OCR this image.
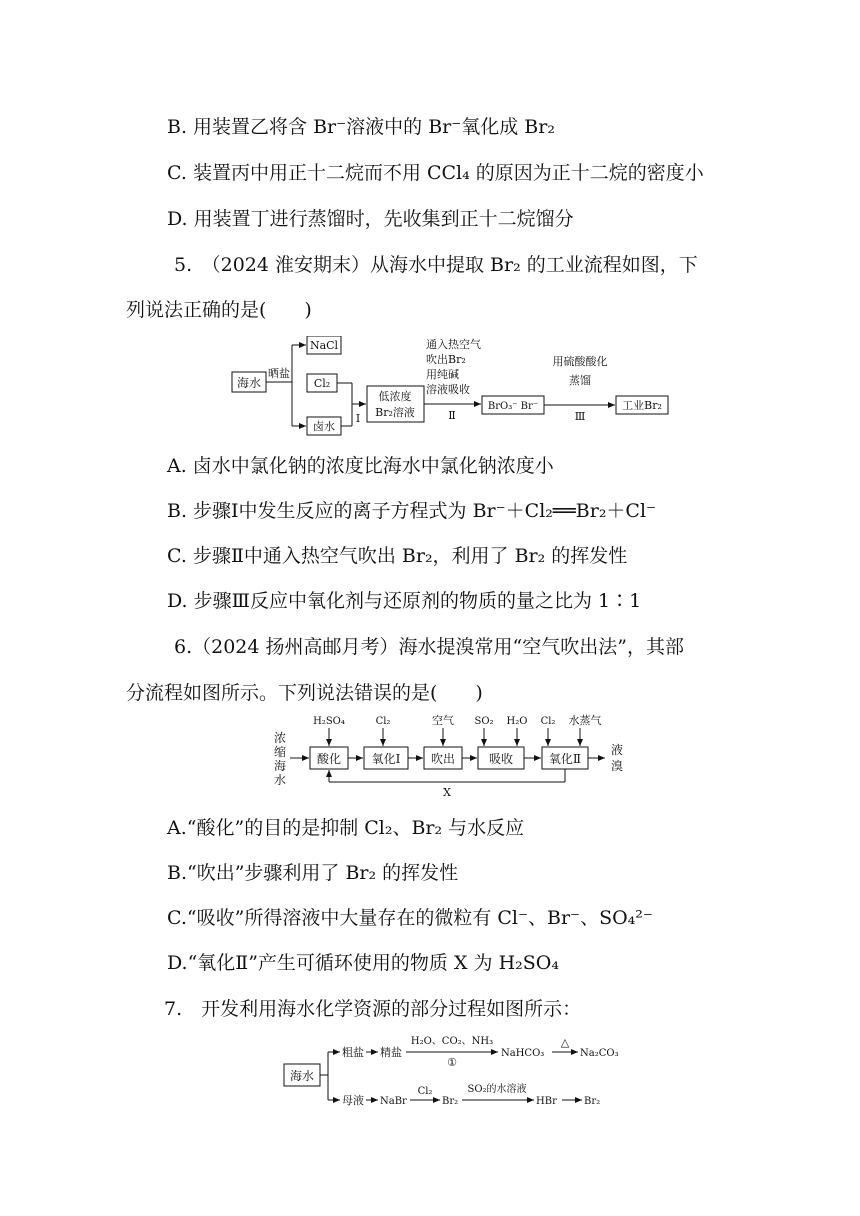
B. 用装置乙将含 Br⁻溶液中的 Br⁻氧化成 Br₂
C. 装置丙中用正十二烷而不用 CCl₄ 的原因为正十二烷的密度小
D. 用装置丁进行蒸馏时，先收集到正十二烷馏分
5.　（2024 淮安期末）从海水中提取 Br₂ 的工业流程如图，下
列说法正确的是(　　)
海水
晒盐
NaCl
Cl₂
卤水
Ⅰ
低浓度
Br₂溶液
通入热空气
吹出Br₂
用纯碱
溶液吸收
Ⅱ
BrO₃⁻ Br⁻
用硫酸酸化
蒸馏
Ⅲ
工业Br₂
A. 卤水中氯化钠的浓度比海水中氯化钠浓度小
B. 步骤Ⅰ中发生反应的离子方程式为 Br⁻＋Cl₂══Br₂＋Cl⁻
C. 步骤Ⅱ中通入热空气吹出 Br₂，利用了 Br₂ 的挥发性
D. 步骤Ⅲ反应中氧化剂与还原剂的物质的量之比为 1∶1
6.（2024 扬州高邮月考）海水提溴常用“空气吹出法”，其部
分流程如图所示。下列说法错误的是(　　)
浓
缩
海
水
H₂SO₄	Cl₂	空气 SO₂ H₂O Cl₂ 水蒸气
酸化	氧化Ⅰ	吹出	吸收	氧化Ⅱ
液
溴
X
A.“酸化”的目的是抑制 Cl₂、Br₂ 与水反应
B.“吹出”步骤利用了 Br₂ 的挥发性
C.“吸收”所得溶液中大量存在的微粒有 Cl⁻、Br⁻、SO₄²⁻
D.“氧化Ⅱ”产生可循环使用的物质 X 为 H₂SO₄
7.　开发利用海水化学资源的部分过程如图所示：
海水
粗盐 精盐
H₂O、CO₂、NH₃
①
NaHCO₃
△
Na₂CO₃
母液 NaBr
Cl₂
Br₂
SO₂的水溶液
HBr	Br₂
